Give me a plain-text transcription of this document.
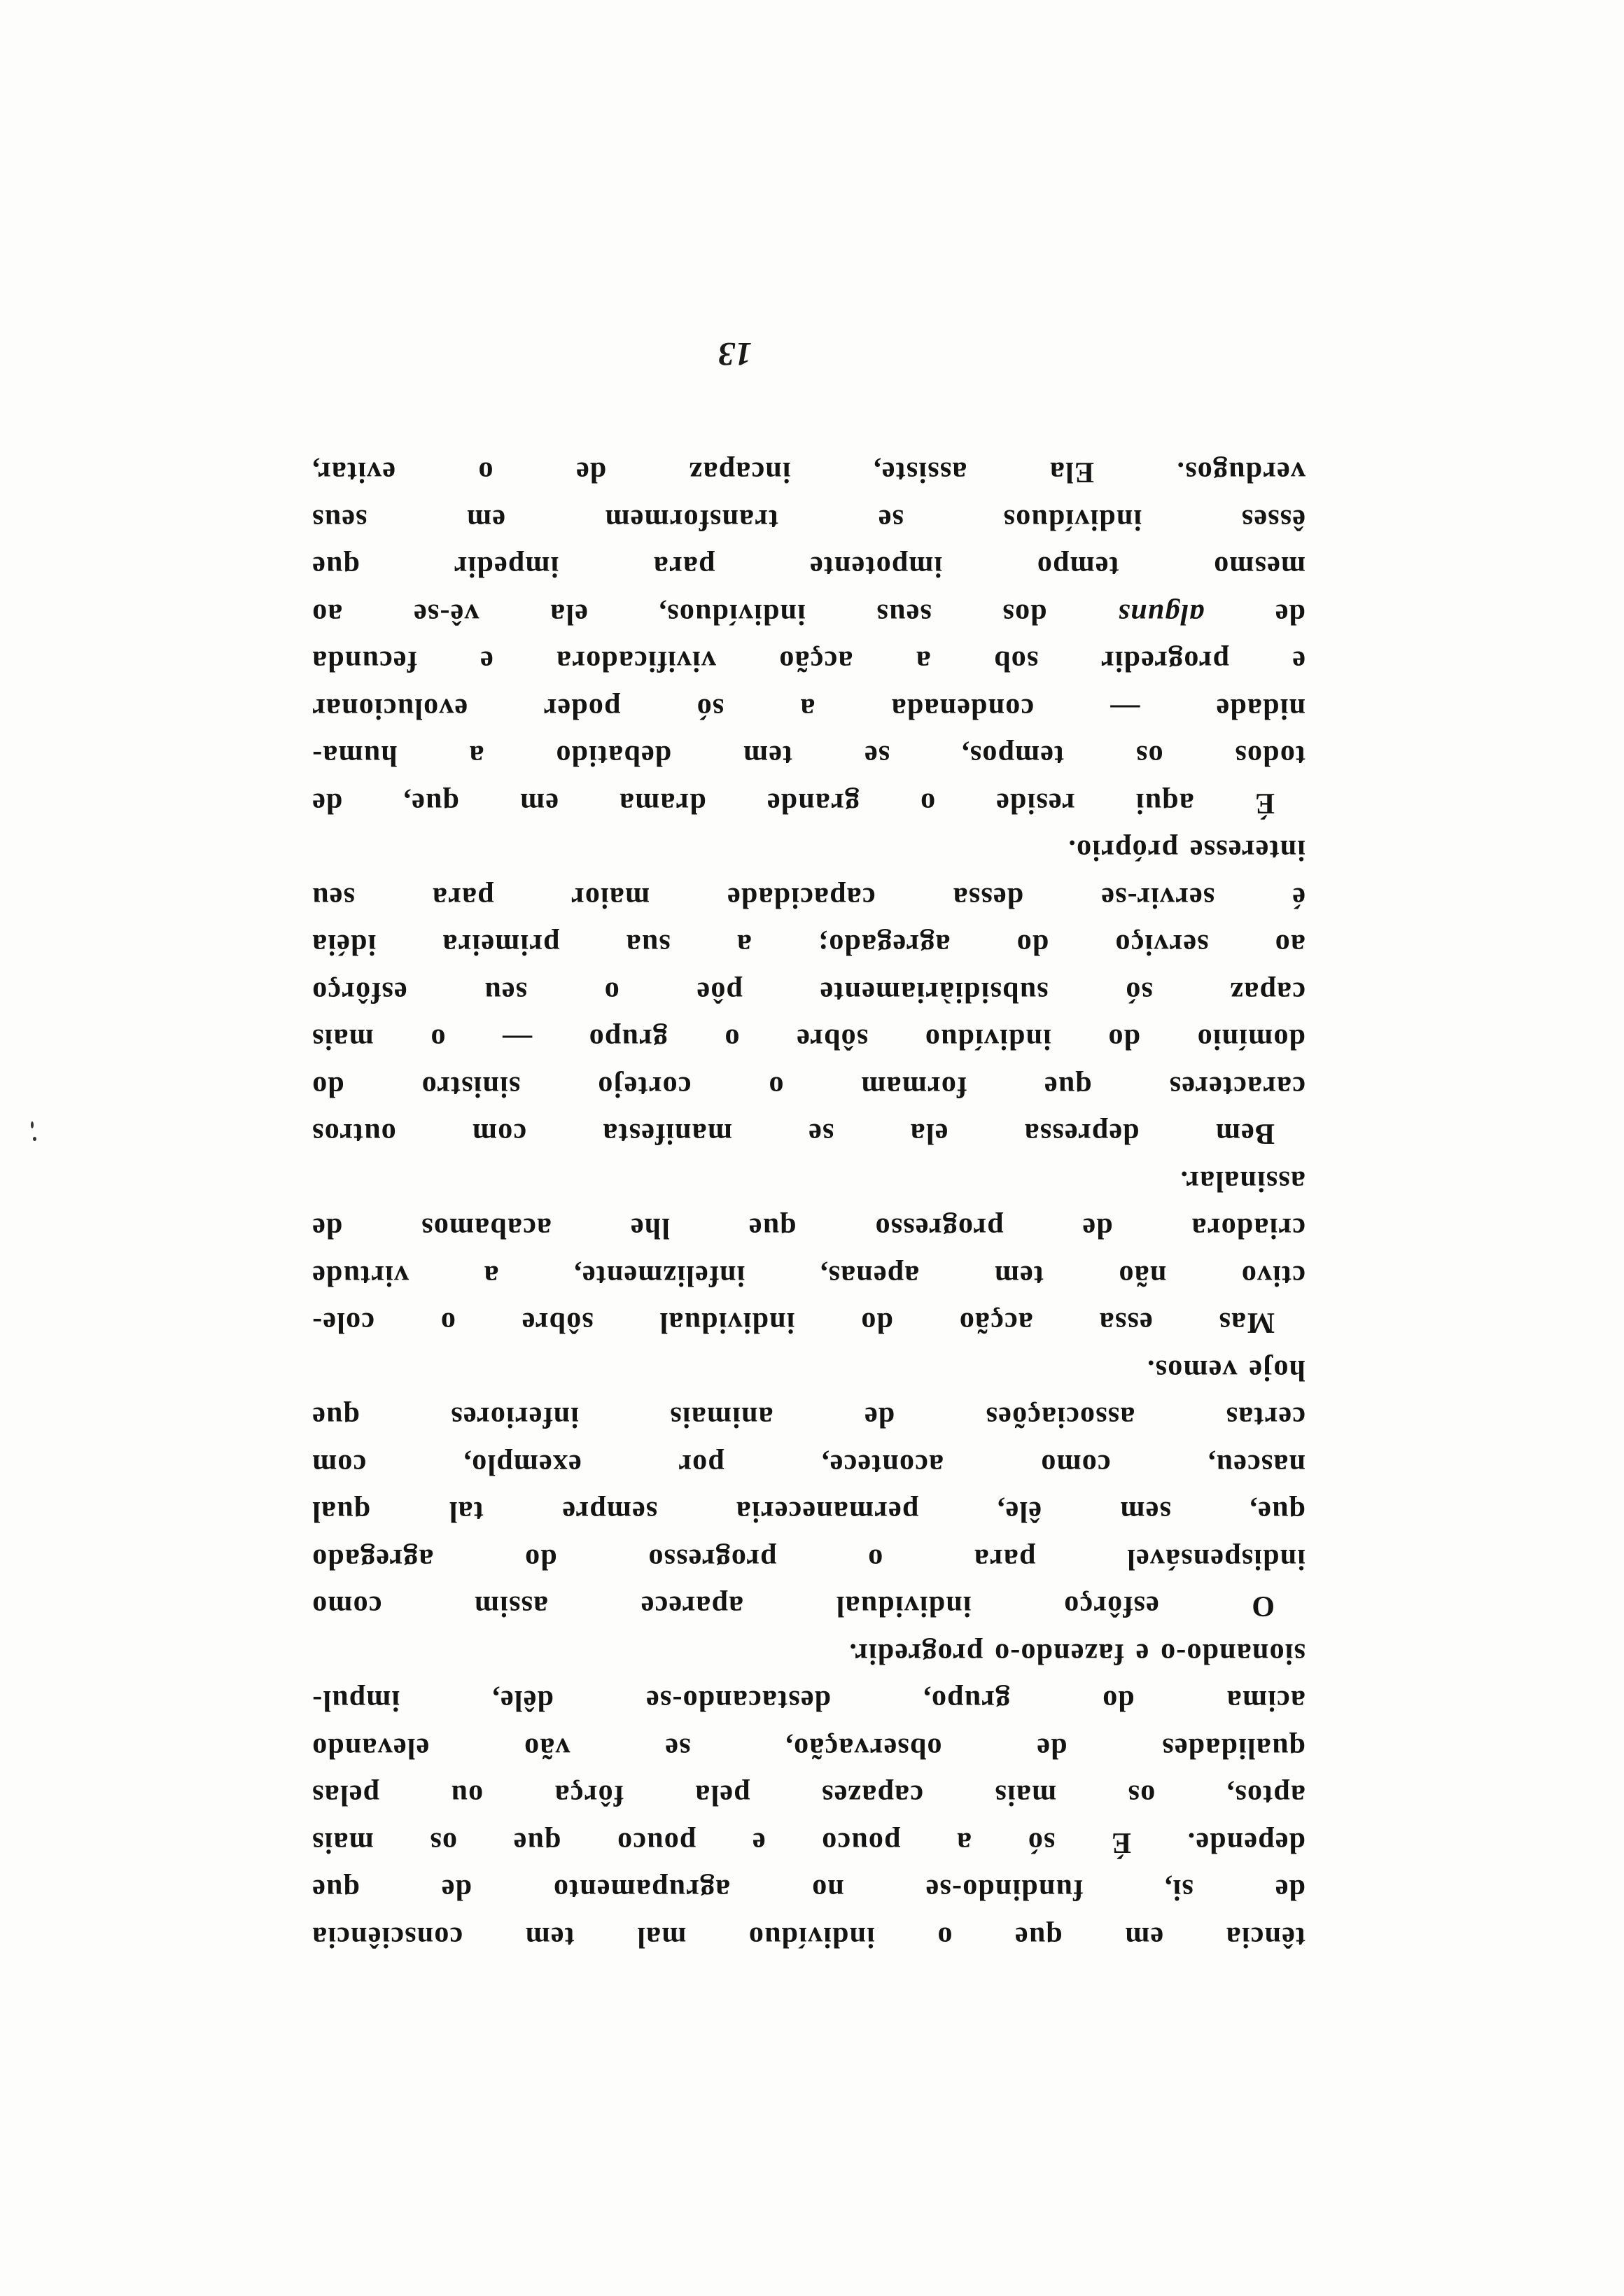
tência em que o indivíduo mal tem consciência
de si, fundindo-se no agrupamento de que
depende. É só a pouco e pouco que os mais
aptos, os mais capazes pela fôrça ou pelas
qualidades de observação, se vão elevando
acima do grupo, destacando-se dêle, impul-
sionando-o e fazendo-o progredir.
O esfôrço individual aparece assim como
indispensável para o progresso do agregado
que, sem êle, permaneceria sempre tal qual
nasceu, como acontece, por exemplo, com
certas associações de animais inferiores que
hoje vemos.
Mas essa acção do individual sôbre o cole-
ctivo não tem apenas, infelizmente, a virtude
criadora de progresso que lhe acabamos de
assinalar.
Bem depressa ela se manifesta com outros
caracteres que formam o cortejo sinistro do
domínio do indivíduo sôbre o grupo — o mais
capaz só subsidiàriamente pôe o seu esfôrço
ao serviço do agregado; a sua primeira idéia
é servir-se dessa capacidade maior para seu
interesse próprio.
É aqui reside o grande drama em que, de
todos os tempos, se tem debatido a huma-
nidade — condenada a só poder evolucionar
e progredir sob a acção vivificadora e fecunda
de alguns dos seus indivíduos, ela vê-se ao
mesmo tempo impotente para impedir que
êsses indivíduos se transformem em seus
verdugos. Ela assiste, incapaz de o evitar,
13
